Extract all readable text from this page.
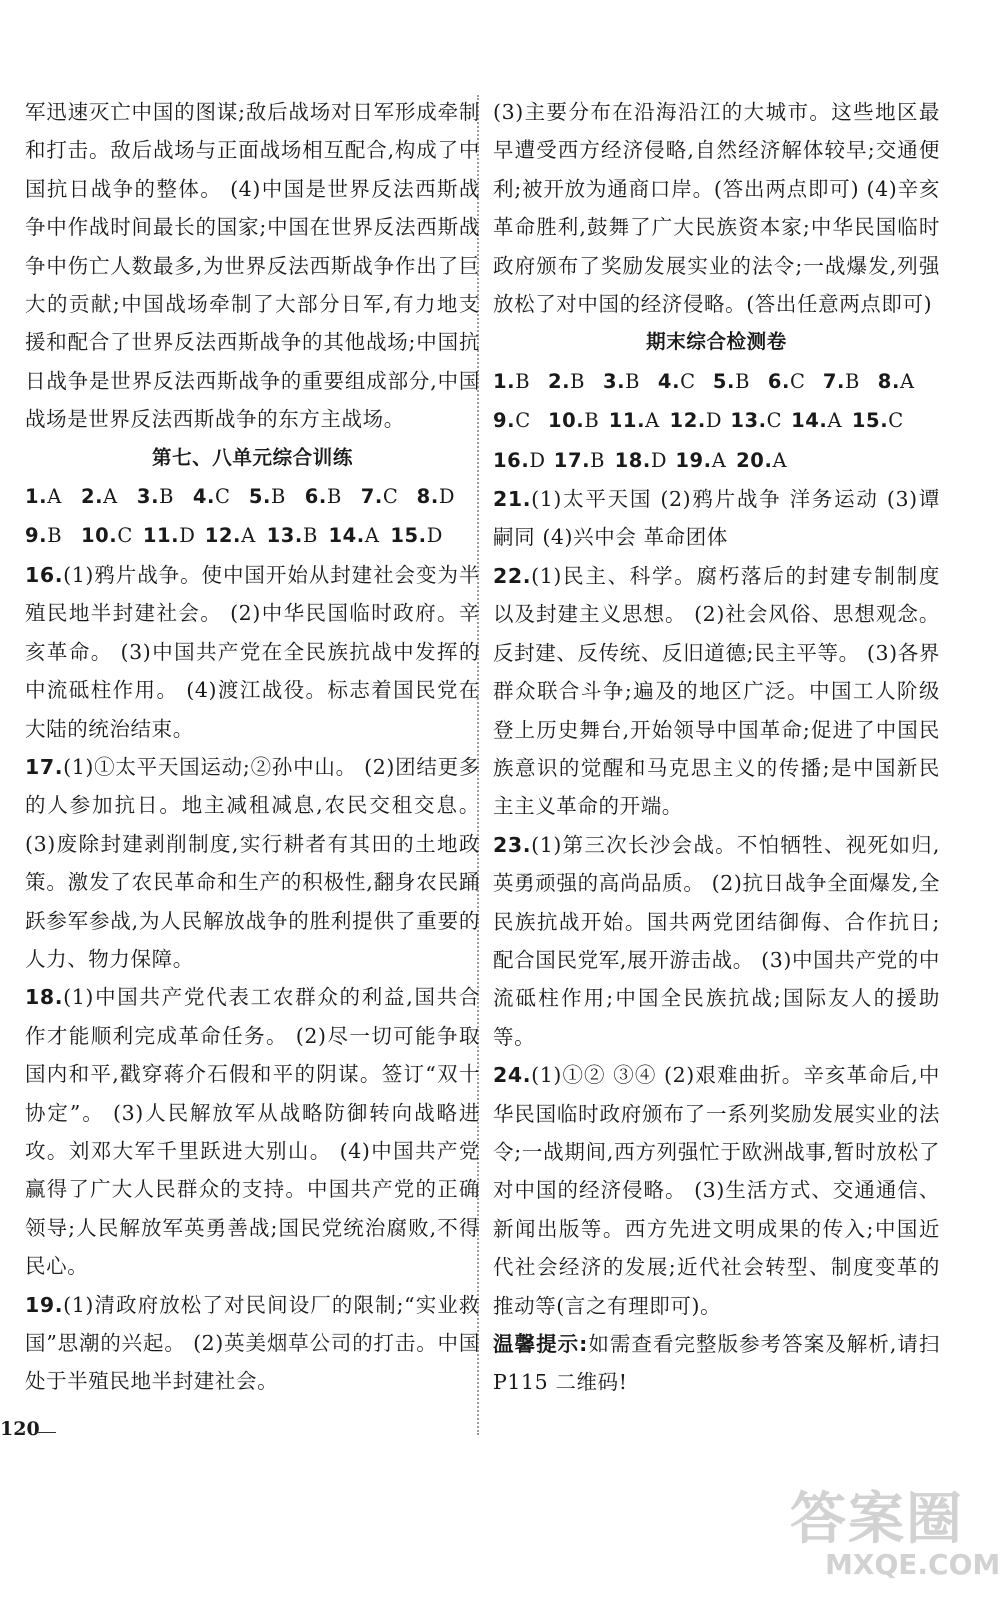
军迅速灭亡中国的图谋;敌后战场对日军形成牵制和打击。敌后战场与正面战场相互配合,构成了中国抗日战争的整体。 (4)中国是世界反法西斯战争中作战时间最长的国家;中国在世界反法西斯战争中伤亡人数最多,为世界反法西斯战争作出了巨大的贡献;中国战场牵制了大部分日军,有力地支援和配合了世界反法西斯战争的其他战场;中国抗日战争是世界反法西斯战争的重要组成部分,中国战场是世界反法西斯战争的东方主战场。

第七、八单元综合训练

1.A 2.A 3.B 4.C 5.B 6.B 7.C 8.D

9.B 10.C 11.D 12.A 13.B 14.A 15.D

16.(1)鸦片战争。使中国开始从封建社会变为半殖民地半封建社会。 (2)中华民国临时政府。辛亥革命。 (3)中国共产党在全民族抗战中发挥的中流砥柱作用。 (4)渡江战役。标志着国民党在大陆的统治结束。

17.(1)①太平天国运动;②孙中山。 (2)团结更多的人参加抗日。地主减租减息,农民交租交息。 (3)废除封建剥削制度,实行耕者有其田的土地政策。激发了农民革命和生产的积极性,翻身农民踊跃参军参战,为人民解放战争的胜利提供了重要的人力、物力保障。

18.(1)中国共产党代表工农群众的利益,国共合作才能顺利完成革命任务。 (2)尽一切可能争取国内和平,戳穿蒋介石假和平的阴谋。签订“双十协定”。 (3)人民解放军从战略防御转向战略进攻。刘邓大军千里跃进大别山。 (4)中国共产党赢得了广大人民群众的支持。中国共产党的正确领导;人民解放军英勇善战;国民党统治腐败,不得民心。

19.(1)清政府放松了对民间设厂的限制;“实业救国”思潮的兴起。 (2)英美烟草公司的打击。中国处于半殖民地半封建社会。

(3)主要分布在沿海沿江的大城市。这些地区最早遭受西方经济侵略,自然经济解体较早;交通便利;被开放为通商口岸。(答出两点即可) (4)辛亥革命胜利,鼓舞了广大民族资本家;中华民国临时政府颁布了奖励发展实业的法令;一战爆发,列强放松了对中国的经济侵略。(答出任意两点即可)

期末综合检测卷

1.B 2.B 3.B 4.C 5.B 6.C 7.B 8.A

9.C 10.B 11.A 12.D 13.C 14.A 15.C

16.D 17.B 18.D 19.A 20.A

21.(1)太平天国 (2)鸦片战争 洋务运动 (3)谭嗣同 (4)兴中会 革命团体

22.(1)民主、科学。腐朽落后的封建专制制度以及封建主义思想。 (2)社会风俗、思想观念。反封建、反传统、反旧道德;民主平等。 (3)各界群众联合斗争;遍及的地区广泛。中国工人阶级登上历史舞台,开始领导中国革命;促进了中国民族意识的觉醒和马克思主义的传播;是中国新民主主义革命的开端。

23.(1)第三次长沙会战。不怕牺牲、视死如归,英勇顽强的高尚品质。 (2)抗日战争全面爆发,全民族抗战开始。国共两党团结御侮、合作抗日;配合国民党军,展开游击战。 (3)中国共产党的中流砥柱作用;中国全民族抗战;国际友人的援助等。

24.(1)①② ③④ (2)艰难曲折。辛亥革命后,中华民国临时政府颁布了一系列奖励发展实业的法令;一战期间,西方列强忙于欧洲战事,暂时放松了对中国的经济侵略。 (3)生活方式、交通通信、新闻出版等。西方先进文明成果的传入;中国近代社会经济的发展;近代社会转型、制度变革的推动等(言之有理即可)。

温馨提示:如需查看完整版参考答案及解析,请扫 P115 二维码!

120
答案圈
MXQE.COM
